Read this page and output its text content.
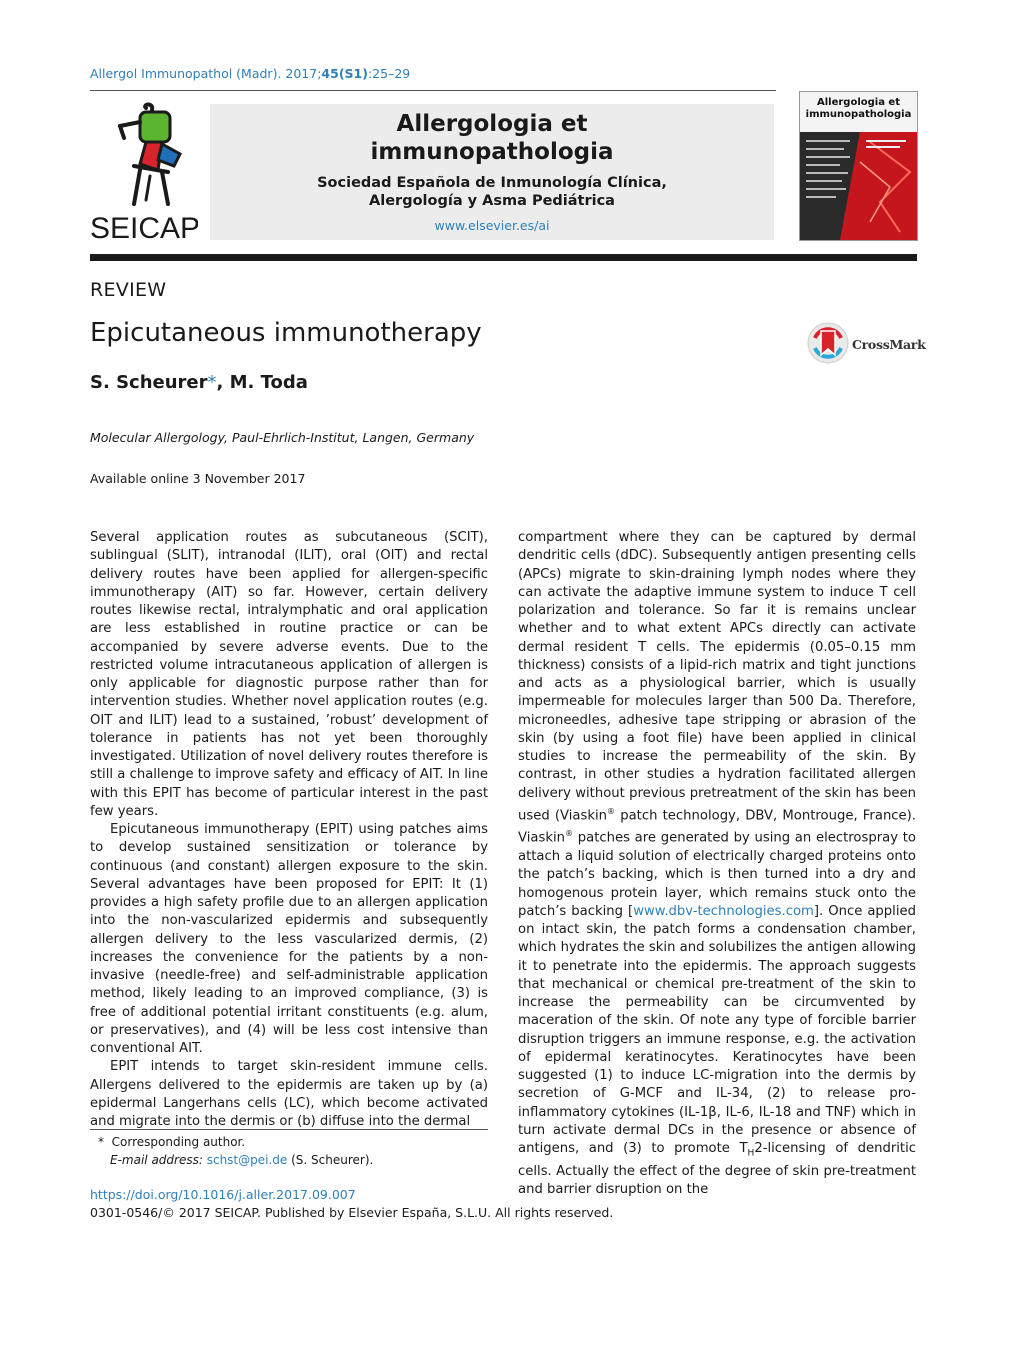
Allergol Immunopathol (Madr). 2017;45(S1):25–29
SEICAP
Allergologia et
immunopathologia
Sociedad Española de Inmunología Clínica,
Alergología y Asma Pediátrica
www.elsevier.es/ai
Allergologia et
immunopathologia
REVIEW
Epicutaneous immunotherapy	CrossMark
S. Scheurer*, M. Toda
Molecular Allergology, Paul-Ehrlich-Institut, Langen, Germany
Available online 3 November 2017

Several application routes as subcutaneous (SCIT), sublingual (SLIT), intranodal (ILIT), oral (OIT) and rectal delivery routes have been applied for allergen-specific immunotherapy (AIT) so far. However, certain delivery routes likewise rectal, intralymphatic and oral application are less established in routine practice or can be accompanied by severe adverse events. Due to the restricted volume intracutaneous application of allergen is only applicable for diagnostic purpose rather than for intervention studies. Whether novel application routes (e.g. OIT and ILIT) lead to a sustained, ’robust’ development of tolerance in patients has not yet been thoroughly investigated. Utilization of novel delivery routes therefore is still a challenge to improve safety and efficacy of AIT. In line with this EPIT has become of particular interest in the past few years.

Epicutaneous immunotherapy (EPIT) using patches aims to develop sustained sensitization or tolerance by continuous (and constant) allergen exposure to the skin. Several advantages have been proposed for EPIT: It (1) provides a high safety profile due to an allergen application into the non-vascularized epidermis and subsequently allergen delivery to the less vascularized dermis, (2) increases the convenience for the patients by a non-invasive (needle-free) and self-administrable application method, likely leading to an improved compliance, (3) is free of additional potential irritant constituents (e.g. alum, or preservatives), and (4) will be less cost intensive than conventional AIT.

EPIT intends to target skin-resident immune cells. Allergens delivered to the epidermis are taken up by (a) epidermal Langerhans cells (LC), which become activated and migrate into the dermis or (b) diffuse into the dermal

compartment where they can be captured by dermal dendritic cells (dDC). Subsequently antigen presenting cells (APCs) migrate to skin-draining lymph nodes where they can activate the adaptive immune system to induce T cell polarization and tolerance. So far it is remains unclear whether and to what extent APCs directly can activate dermal resident T cells. The epidermis (0.05–0.15 mm thickness) consists of a lipid-rich matrix and tight junctions and acts as a physiological barrier, which is usually impermeable for molecules larger than 500 Da. Therefore, microneedles, adhesive tape stripping or abrasion of the skin (by using a foot file) have been applied in clinical studies to increase the permeability of the skin. By contrast, in other studies a hydration facilitated allergen delivery without previous pretreatment of the skin has been used (Viaskin® patch technology, DBV, Montrouge, France). Viaskin® patches are generated by using an electrospray to attach a liquid solution of electrically charged proteins onto the patch’s backing, which is then turned into a dry and homogenous protein layer, which remains stuck onto the patch’s backing [www.dbv-technologies.com]. Once applied on intact skin, the patch forms a condensation chamber, which hydrates the skin and solubilizes the antigen allowing it to penetrate into the epidermis. The approach suggests that mechanical or chemical pre-treatment of the skin to increase the permeability can be circumvented by maceration of the skin. Of note any type of forcible barrier disruption triggers an immune response, e.g. the activation of epidermal keratinocytes. Keratinocytes have been suggested (1) to induce LC-migration into the dermis by secretion of G-MCF and IL-34, (2) to release pro-inflammatory cytokines (IL-1β, IL-6, IL-18 and TNF) which in turn activate dermal DCs in the presence or absence of antigens, and (3) to promote $T_H2$-licensing of dendritic cells. Actually the effect of the degree of skin pre-treatment and barrier disruption on the

* Corresponding author.
E-mail address: schst@pei.de (S. Scheurer).
https://doi.org/10.1016/j.aller.2017.09.007
0301-0546/© 2017 SEICAP. Published by Elsevier España, S.L.U. All rights reserved.
